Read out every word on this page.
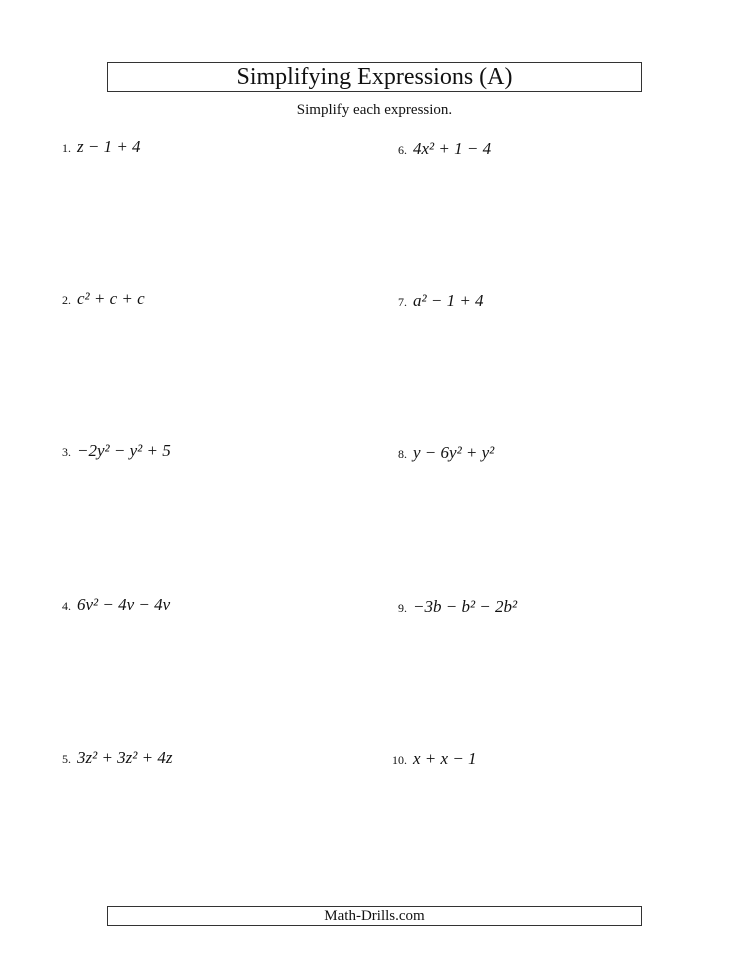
Simplifying Expressions (A)
Simplify each expression.
1. z − 1 + 4
2. c² + c + c
3. −2y² − y² + 5
4. 6v² − 4v − 4v
5. 3z² + 3z² + 4z
6. 4x² + 1 − 4
7. a² − 1 + 4
8. y − 6y² + y²
9. −3b − b² − 2b²
10. x + x − 1
Math-Drills.com
